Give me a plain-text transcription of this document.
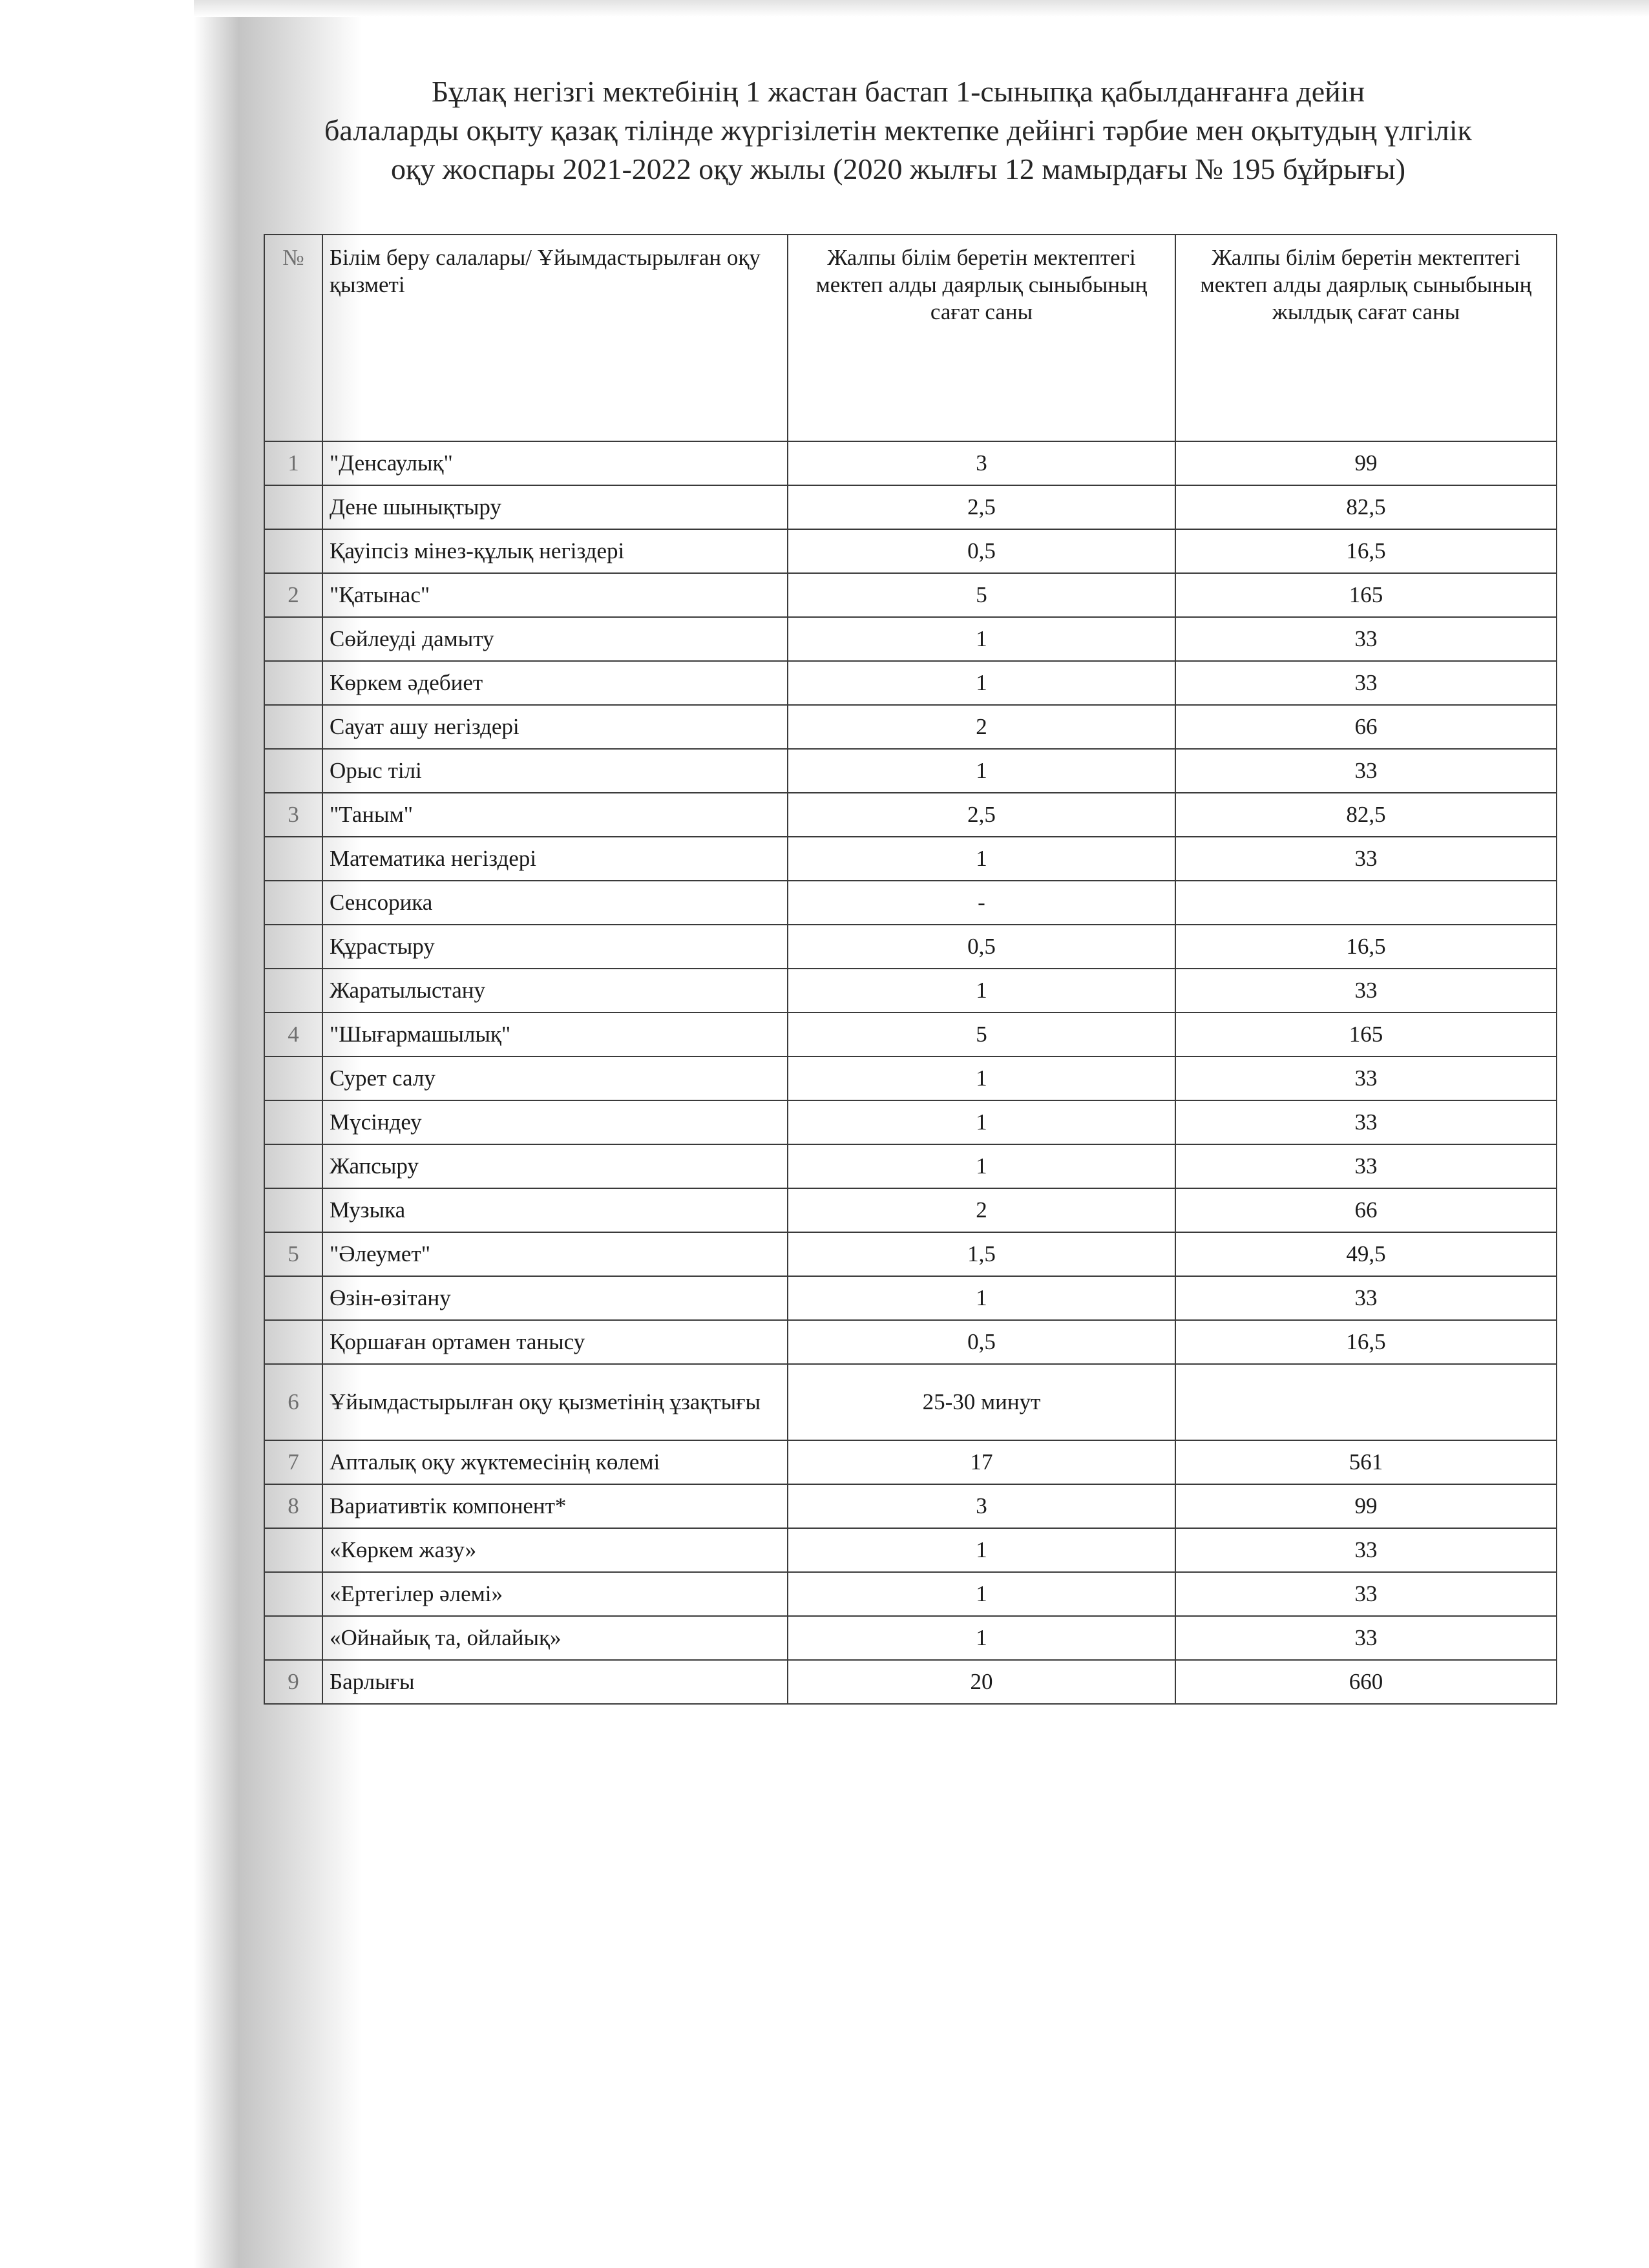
Бұлақ негізгі мектебінің 1 жастан бастап 1-сыныпқа қабылданғанға дейін
балаларды оқыту қазақ тілінде жүргізілетін мектепке дейінгі тәрбие мен оқытудың үлгілік
оқу жоспары 2021-2022 оқу жылы (2020 жылғы 12 мамырдағы № 195 бұйрығы)
№	Білім беру салалары/ Ұйымдастырылған оқу қызметі	Жалпы білім беретін мектептегі мектеп алды даярлық сыныбының сағат саны	Жалпы білім беретін мектептегі мектеп алды даярлық сыныбының жылдық сағат саны
1	"Денсаулық"	3	99
	Дене шынықтыру	2,5	82,5
	Қауіпсіз мінез-құлық негіздері	0,5	16,5
2	"Қатынас"	5	165
	Сөйлеуді дамыту	1	33
	Көркем әдебиет	1	33
	Сауат ашу негіздері	2	66
	Орыс тілі	1	33
3	"Таным"	2,5	82,5
	Математика негіздері	1	33
	Сенсорика	-	
	Құрастыру	0,5	16,5
	Жаратылыстану	1	33
4	"Шығармашылық"	5	165
	Сурет салу	1	33
	Мүсіндеу	1	33
	Жапсыру	1	33
	Музыка	2	66
5	"Әлеумет"	1,5	49,5
	Өзін-өзітану	1	33
	Қоршаған ортамен танысу	0,5	16,5
6	Ұйымдастырылған оқу қызметінің ұзақтығы	25-30 минут	
7	Апталық оқу жүктемесінің көлемі	17	561
8	Вариативтік компонент*	3	99
	«Көркем жазу»	1	33
	«Ертегілер әлемі»	1	33
	«Ойнайық та, ойлайық»	1	33
9	Барлығы	20	660
